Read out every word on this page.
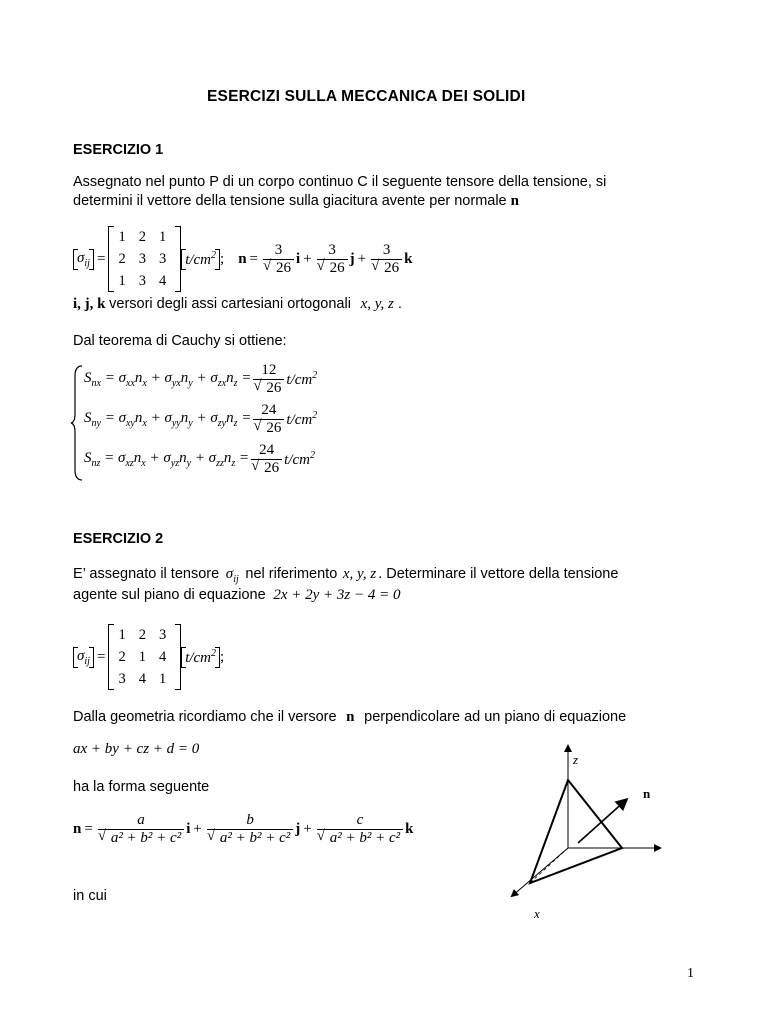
ESERCIZI SULLA MECCANICA DEI SOLIDI
ESERCIZIO 1
Assegnato nel punto P di un corpo continuo C il seguente tensore della tensione, si
determini il vettore della tensione sulla giacitura avente per normale n
$\sigma_{ij}$ =
1	2	1
2	3	3
1	3	4
$t/cm^2$ ; n = 3
√ 26 i + 3
√ 26 j + 3
√ 26 k
i, j, k versori degli assi cartesiani ortogonali x, y, z .
Dal teorema di Cauchy si ottiene:
$S_{nx} = \sigma_{xx}n_x + \sigma_{yx}n_y + \sigma_{zx}n_z = 12$
√ 26 $t/cm^2$
$S_{ny} = \sigma_{xy}n_x + \sigma_{yy}n_y + \sigma_{zy}n_z = 24$
√ 26 $t/cm^2$
$S_{nz} = \sigma_{xz}n_x + \sigma_{yz}n_y + \sigma_{zz}n_z = 24$
√ 26 $t/cm^2$
ESERCIZIO 2
E’ assegnato il tensore $\sigma_{ij}$ nel riferimento x, y, z . Determinare il vettore della tensione
agente sul piano di equazione 2x + 2y + 3z − 4 = 0
$\sigma_{ij}$ =
1	2	3
2	1	4
3	4	1
$t/cm^2$ ;
Dalla geometria ricordiamo che il versore n perpendicolare ad un piano di equazione
ax + by + cz + d = 0
ha la forma seguente
n = a
√ a² + b² + c² i + b
√ a² + b² + c² j + c
√ a² + b² + c² k
in cui
z
n
x
1
